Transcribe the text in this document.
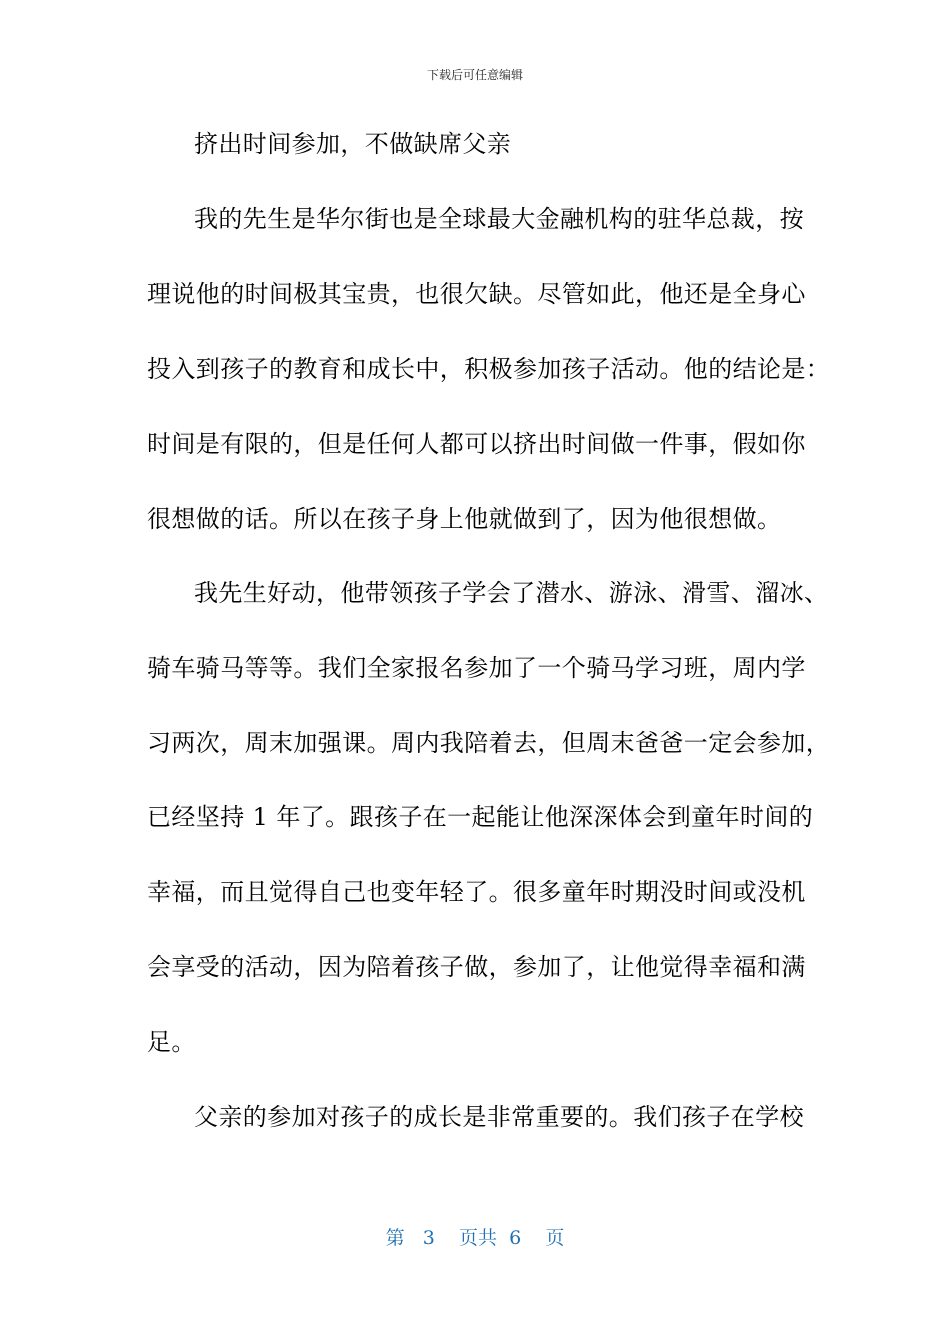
下载后可任意编辑
挤出时间参加，不做缺席父亲
我的先生是华尔街也是全球最大金融机构的驻华总裁，按
理说他的时间极其宝贵，也很欠缺。尽管如此，他还是全身心
投入到孩子的教育和成长中，积极参加孩子活动。他的结论是：
时间是有限的，但是任何人都可以挤出时间做一件事，假如你
很想做的话。所以在孩子身上他就做到了，因为他很想做。
我先生好动，他带领孩子学会了潜水、游泳、滑雪、溜冰、
骑车骑马等等。我们全家报名参加了一个骑马学习班，周内学
习两次，周末加强课。周内我陪着去，但周末爸爸一定会参加，
已经坚持 1 年了。跟孩子在一起能让他深深体会到童年时间的
幸福，而且觉得自己也变年轻了。很多童年时期没时间或没机
会享受的活动，因为陪着孩子做，参加了，让他觉得幸福和满
足。
父亲的参加对孩子的成长是非常重要的。我们孩子在学校
第 3 页共 6 页
